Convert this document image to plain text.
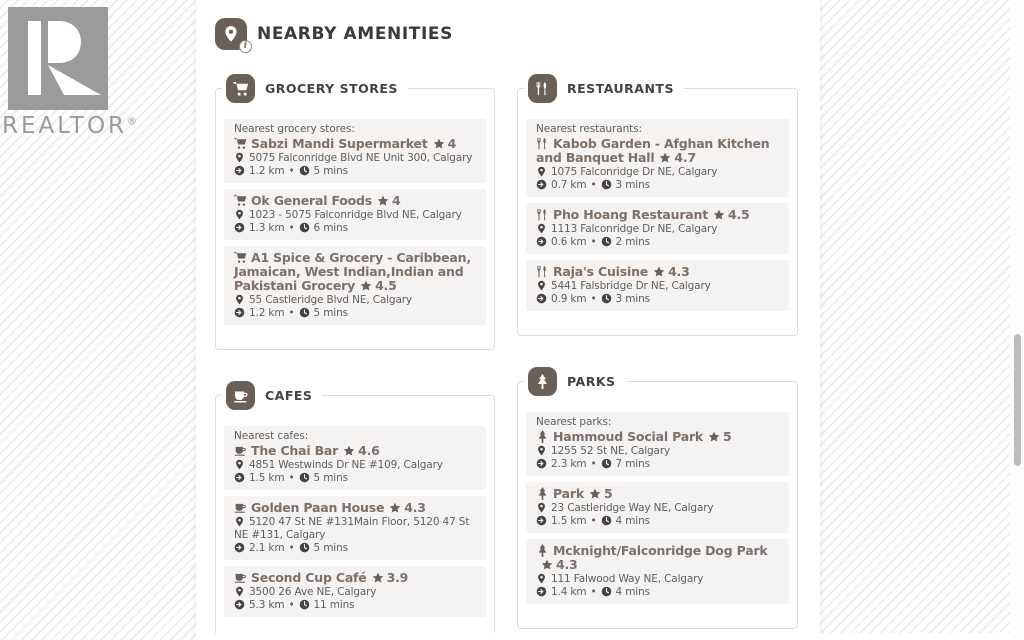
REALTOR®
i
NEARBY AMENITIES
GROCERY STORES
Nearest grocery stores:
Sabzi Mandi Supermarket 4
5075 Falconridge Blvd NE Unit 300, Calgary
1.2 km • 5 mins
Ok General Foods 4
1023 - 5075 Falconridge Blvd NE, Calgary
1.3 km • 6 mins
A1 Spice & Grocery - Caribbean, Jamaican, West Indian,Indian and Pakistani Grocery 4.5
55 Castleridge Blvd NE, Calgary
1.2 km • 5 mins
CAFES
Nearest cafes:
The Chai Bar 4.6
4851 Westwinds Dr NE #109, Calgary
1.5 km • 5 mins
Golden Paan House 4.3
5120 47 St NE #131Main Floor, 5120 47 St NE #131, Calgary
2.1 km • 5 mins
Second Cup Café 3.9
3500 26 Ave NE, Calgary
5.3 km • 11 mins
RESTAURANTS
Nearest restaurants:
Kabob Garden - Afghan Kitchen and Banquet Hall 4.7
1075 Falconridge Dr NE, Calgary
0.7 km • 3 mins
Pho Hoang Restaurant 4.5
1113 Falconridge Dr NE, Calgary
0.6 km • 2 mins
Raja's Cuisine 4.3
5441 Falsbridge Dr NE, Calgary
0.9 km • 3 mins
PARKS
Nearest parks:
Hammoud Social Park 5
1255 52 St NE, Calgary
2.3 km • 7 mins
Park 5
23 Castleridge Way NE, Calgary
1.5 km • 4 mins
Mcknight/Falconridge Dog Park4.3
111 Falwood Way NE, Calgary
1.4 km • 4 mins
